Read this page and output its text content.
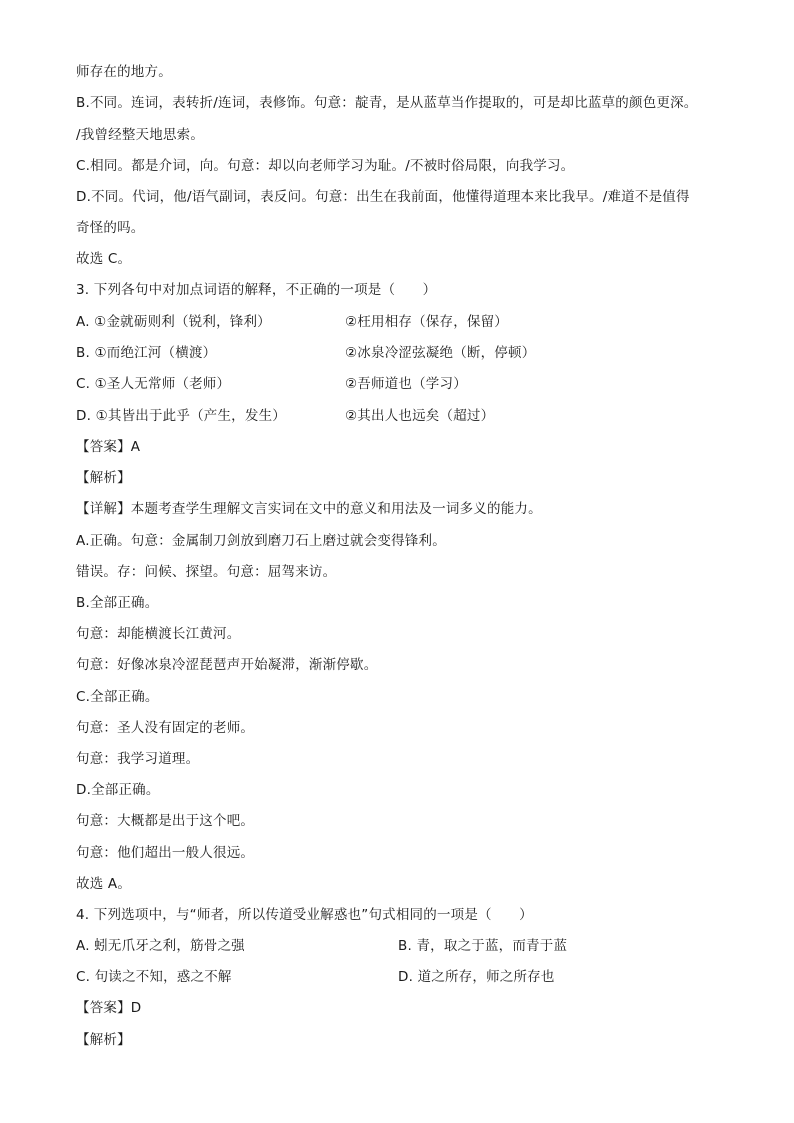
师存在的地方。
B.不同。连词，表转折/连词，表修饰。句意：靛青，是从蓝草当作提取的，可是却比蓝草的颜色更深。
/我曾经整天地思索。
C.相同。都是介词，向。句意：却以向老师学习为耻。/不被时俗局限，向我学习。
D.不同。代词，他/语气副词，表反问。句意：出生在我前面，他懂得道理本来比我早。/难道不是值得
奇怪的吗。
故选 C。
3. 下列各句中对加点词语的解释，不正确的一项是（　　）
A. ①金就砺则利（锐利，锋利）	②枉用相存（保存，保留）
B. ①而绝江河（横渡）	②冰泉冷涩弦凝绝（断，停顿）
C. ①圣人无常师（老师）	②吾师道也（学习）
D. ①其皆出于此乎（产生，发生）	②其出人也远矣（超过）
【答案】A
【解析】
【详解】本题考查学生理解文言实词在文中的意义和用法及一词多义的能力。
A.正确。句意：金属制刀剑放到磨刀石上磨过就会变得锋利。
错误。存：问候、探望。句意：屈驾来访。
B.全部正确。
句意：却能横渡长江黄河。
句意：好像冰泉冷涩琵琶声开始凝滞，渐渐停歇。
C.全部正确。
句意：圣人没有固定的老师。
句意：我学习道理。
D.全部正确。
句意：大概都是出于这个吧。
句意：他们超出一般人很远。
故选 A。
4. 下列选项中，与“师者，所以传道受业解惑也”句式相同的一项是（　　）
A. 蚓无爪牙之利，筋骨之强	B. 青，取之于蓝，而青于蓝
C. 句读之不知，惑之不解	D. 道之所存，师之所存也
【答案】D
【解析】
